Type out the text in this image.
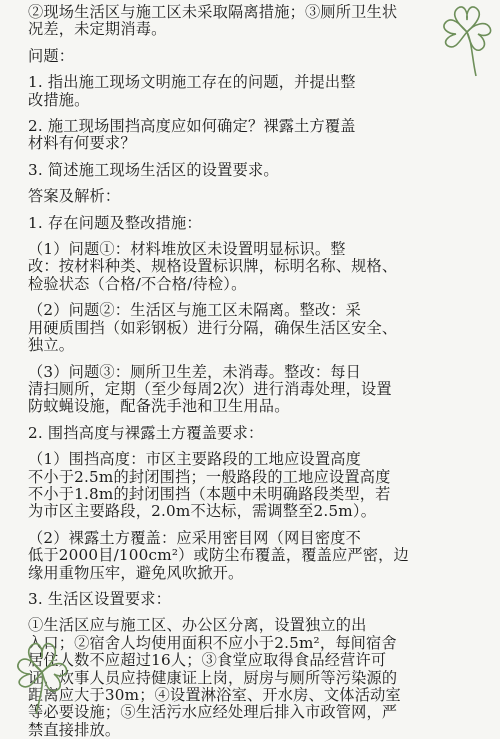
②现场生活区与施工区未采取隔离措施；③厕所卫生状
况差，未定期消毒。
问题：
1. 指出施工现场文明施工存在的问题，并提出整
改措施。
2. 施工现场围挡高度应如何确定？裸露土方覆盖
材料有何要求？
3. 简述施工现场生活区的设置要求。
答案及解析：
1. 存在问题及整改措施：
（1）问题①：材料堆放区未设置明显标识。整
改：按材料种类、规格设置标识牌，标明名称、规格、
检验状态（合格/不合格/待检）。
（2）问题②：生活区与施工区未隔离。整改：采
用硬质围挡（如彩钢板）进行分隔，确保生活区安全、
独立。
（3）问题③：厕所卫生差，未消毒。整改：每日
清扫厕所，定期（至少每周2次）进行消毒处理，设置
防蚊蝇设施，配备洗手池和卫生用品。
2. 围挡高度与裸露土方覆盖要求：
（1）围挡高度：市区主要路段的工地应设置高度
不小于2.5m的封闭围挡；一般路段的工地应设置高度
不小于1.8m的封闭围挡（本题中未明确路段类型，若
为市区主要路段，2.0m不达标，需调整至2.5m）。
（2）裸露土方覆盖：应采用密目网（网目密度不
低于2000目/100cm²）或防尘布覆盖，覆盖应严密，边
缘用重物压牢，避免风吹掀开。
3. 生活区设置要求：
①生活区应与施工区、办公区分离，设置独立的出
入口；②宿舍人均使用面积不应小于2.5m²，每间宿舍
居住人数不应超过16人；③食堂应取得食品经营许可
证，炊事人员应持健康证上岗，厨房与厕所等污染源的
距离应大于30m；④设置淋浴室、开水房、文体活动室
等必要设施；⑤生活污水应经处理后排入市政管网，严
禁直接排放。
